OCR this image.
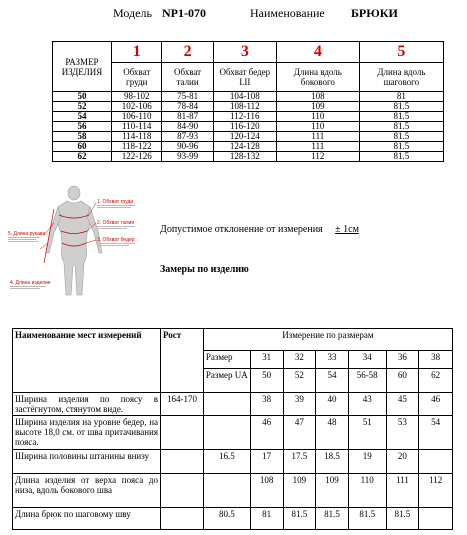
Модель NP1-070	Наименование БРЮКИ
РАЗМЕР ИЗДЕЛИЯ	1	2	3	4	5
	Обхват груди	Обхват талии	Обхват бедер I.II	Длина вдоль бокового	Длина вдоль шагового
50	98-102	75-81	104-108	108	81
52	102-106	78-84	108-112	109	81.5
54	106-110	81-87	112-116	110	81.5
56	110-114	84-90	116-120	110	81.5
58	114-118	87-93	120-124	111	81.5
60	118-122	90-96	124-128	111	81.5
62	122-126	93-99	128-132	112	81.5
1. Обхват груди
2. Обхват талии
3. Обхват бедер
4. Длина изделия
5. Длина рукава	Допустимое отклонение от измерения ± 1см
Замеры по изделию
Наименование мест измерений	Рост	Измерение по размерам						
		Размер	31	32	33	34	36	38
		Размер UA	50	52	54	56-58	60	62
Ширина изделия по поясу в застёгнутом, стянутом виде.	164-170		38	39	40	43	45	46
Ширина изделия на уровне бедер, на высоте 18,0 см. от шва притачивания пояса.			46	47	48	51	53	54
Ширина половины штанины внизу		16.5	17	17.5	18.5	19	20	
Длина изделия от верха пояса до низа, вдоль бокового шва			108	109	109	110	111	112
Длина брюк по шаговому шву		80.5	81	81.5	81.5	81.5	81.5	
